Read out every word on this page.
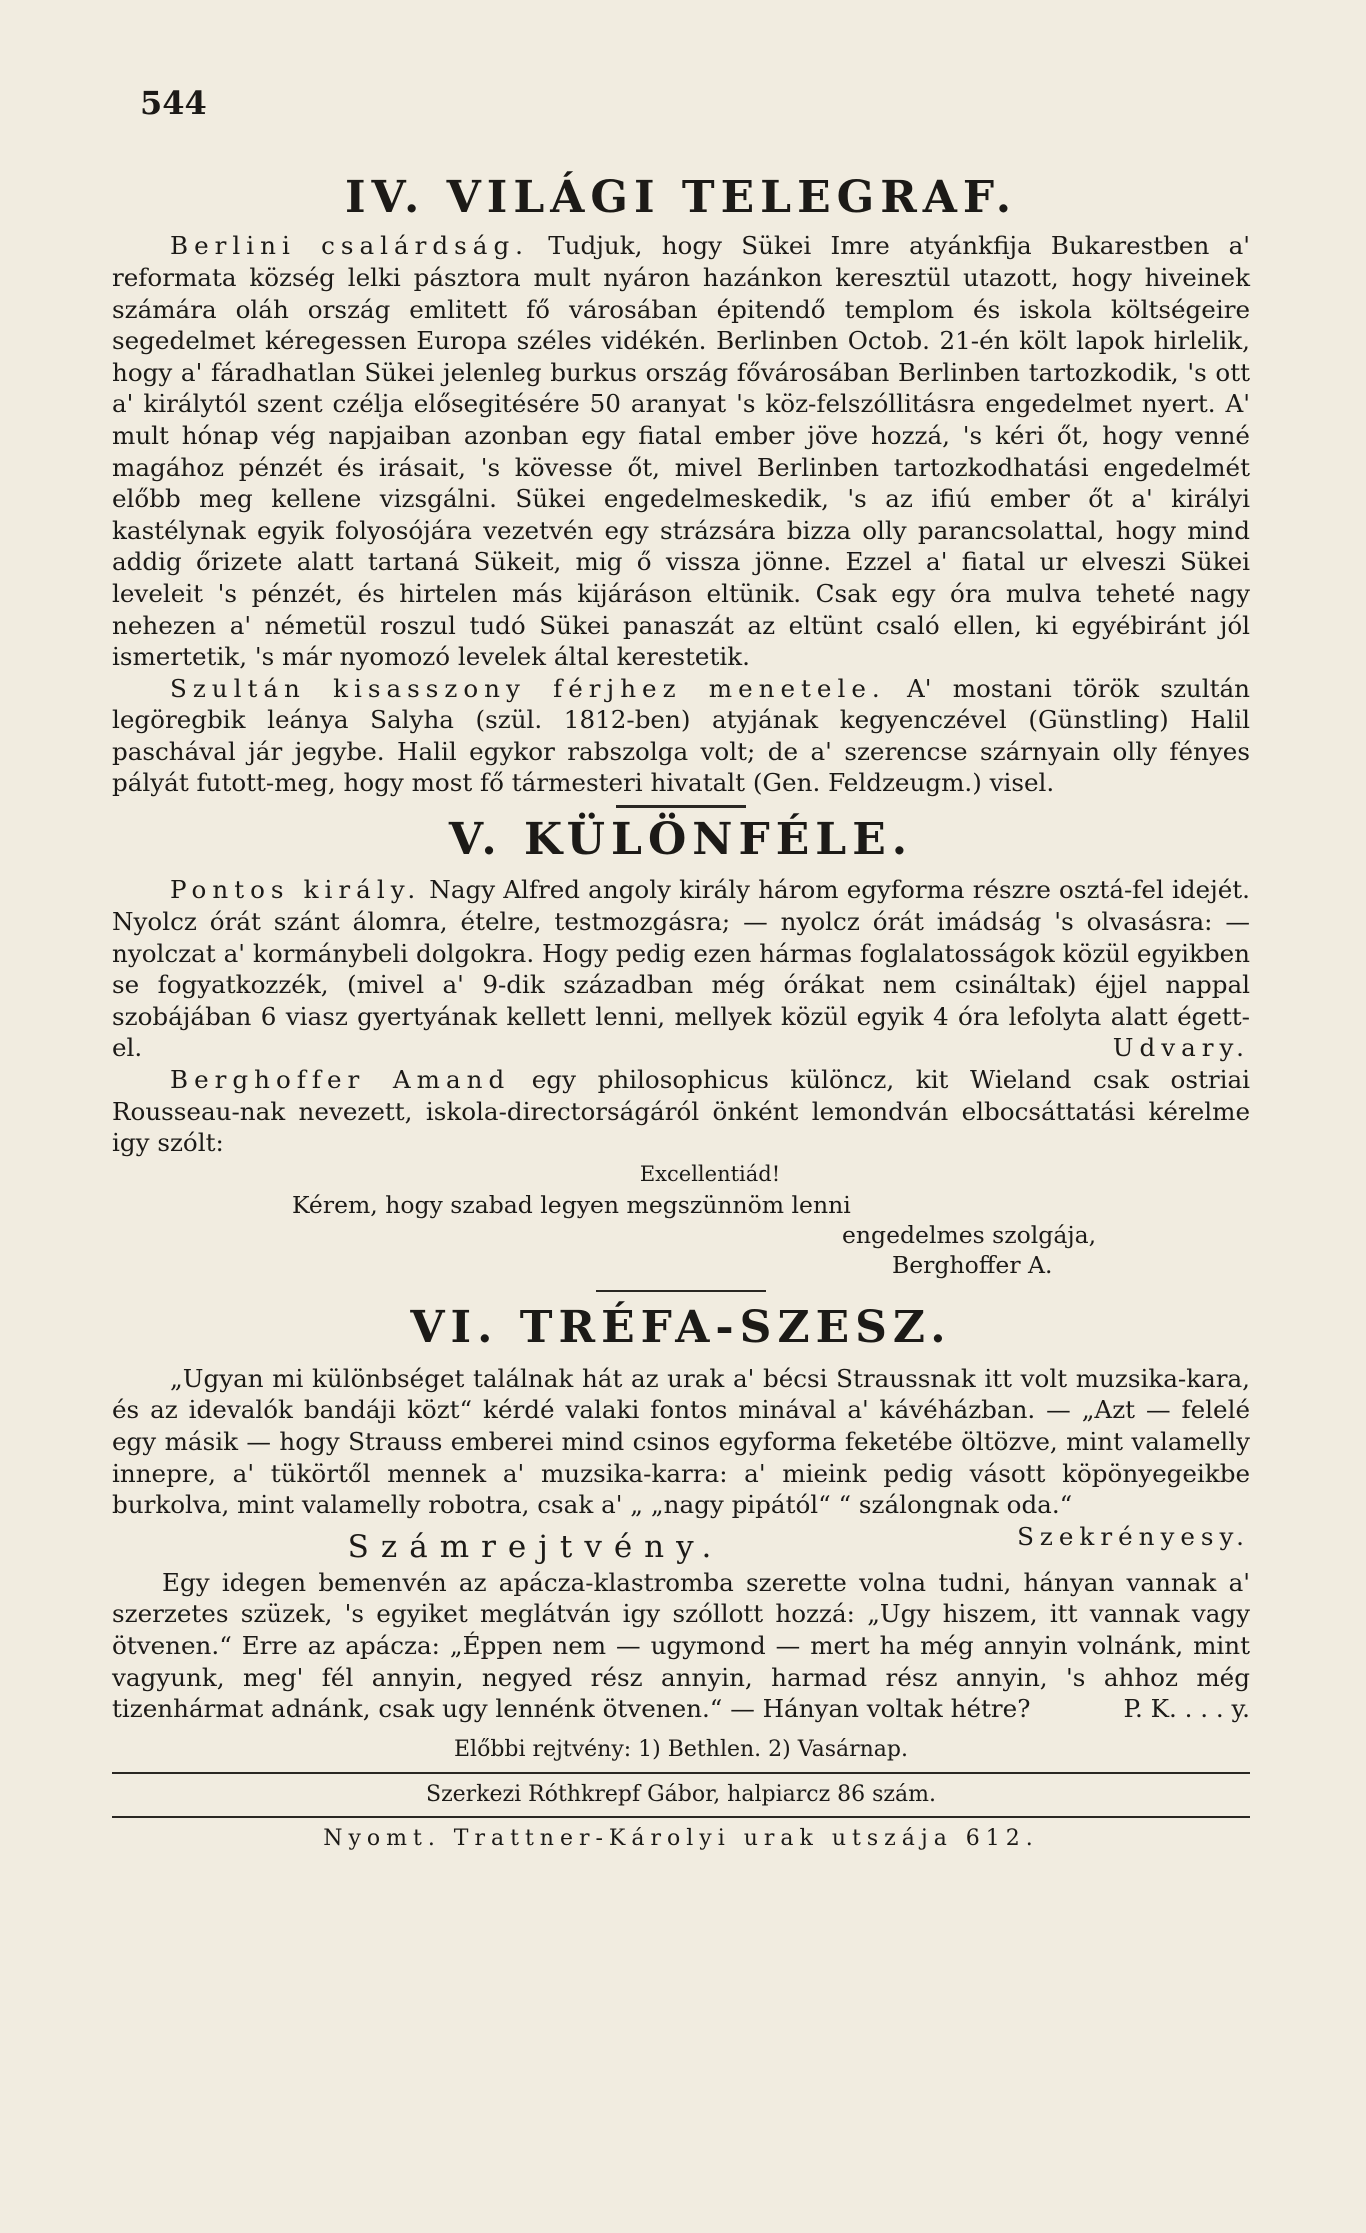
544
IV. VILÁGI TELEGRAF.

Berlini csalárdság. Tudjuk, hogy Sükei Imre atyánkfija Bukarestben a' reformata község lelki pásztora mult nyáron hazánkon keresztül utazott, hogy hiveinek számára oláh ország emlitett fő városában épitendő templom és iskola költségeire segedelmet kéregessen Europa széles vidékén. Berlinben Octob. 21-én költ lapok hirlelik, hogy a' fáradhatlan Sükei jelenleg burkus ország fővárosában Berlinben tartozkodik, 's ott a' királytól szent czélja elősegitésére 50 aranyat 's köz-felszóllitásra engedelmet nyert. A' mult hónap vég napjaiban azonban egy fiatal ember jöve hozzá, 's kéri őt, hogy venné magához pénzét és irásait, 's kövesse őt, mivel Berlinben tartozkodhatási engedelmét előbb meg kellene vizsgálni. Sükei engedelmeskedik, 's az ifiú ember őt a' királyi kastélynak egyik folyosójára vezetvén egy strázsára bizza olly parancsolattal, hogy mind addig őrizete alatt tartaná Sükeit, mig ő vissza jönne. Ezzel a' fiatal ur elveszi Sükei leveleit 's pénzét, és hirtelen más kijáráson eltünik. Csak egy óra mulva teheté nagy nehezen a' németül roszul tudó Sükei panaszát az eltünt csaló ellen, ki egyébiránt jól ismertetik, 's már nyomozó levelek által kerestetik.

Szultán kisasszony férjhez menetele. A' mostani török szultán legöregbik leánya Salyha (szül. 1812-ben) atyjának kegyenczével (Günstling) Halil paschával jár jegybe. Halil egykor rabszolga volt; de a' szerencse szárnyain olly fényes pályát futott-meg, hogy most fő tármesteri hivatalt (Gen. Feldzeugm.) visel.

V. KÜLÖNFÉLE.

Pontos király. Nagy Alfred angoly király három egyforma részre osztá-fel idejét. Nyolcz órát szánt álomra, ételre, testmozgásra; — nyolcz órát imádság 's olvasásra: — nyolczat a' kormánybeli dolgokra. Hogy pedig ezen hármas foglalatosságok közül egyikben se fogyatkozzék, (mivel a' 9-dik században még órákat nem csináltak) éjjel nappal szobájában 6 viasz gyertyának kellett lenni, mellyek közül egyik 4 óra lefolyta alatt égett-el.	Udvary.

Berghoffer Amand egy philosophicus különcz, kit Wieland csak ostriai Rousseau-nak nevezett, iskola-directorságáról önként lemondván elbocsáttatási kérelme igy szólt:

Excellentiád!

Kérem, hogy szabad legyen megszünnöm lenni
engedelmes szolgája,
Berghoffer A.
VI. TRÉFA-SZESZ.

„Ugyan mi különbséget találnak hát az urak a' bécsi Straussnak itt volt muzsika-kara, és az idevalók bandáji közt“ kérdé valaki fontos minával a' kávéházban. — „Azt — felelé egy másik — hogy Strauss emberei mind csinos egyforma feketébe öltözve, mint valamelly innepre, a' tükörtől mennek a' muzsika-karra: a' mieink pedig vásott köpönyegeikbe burkolva, mint valamelly robotra, csak a' „ „nagy pipától“ “ szálongnak oda.“
Szekrényesy.

Számrejtvény.

Egy idegen bemenvén az apácza-klastromba szerette volna tudni, hányan vannak a' szerzetes szüzek, 's egyiket meglátván igy szóllott hozzá: „Ugy hiszem, itt vannak vagy ötvenen.“ Erre az apácza: „Éppen nem — ugymond — mert ha még annyin volnánk, mint vagyunk, meg' fél annyin, negyed rész annyin, harmad rész annyin, 's ahhoz még tizenhármat adnánk, csak ugy lennénk ötvenen.“ — Hányan voltak hétre?	P. K. . . . y.

Előbbi rejtvény: 1) Bethlen. 2) Vasárnap.
Szerkezi Róthkrepf Gábor, halpiarcz 86 szám.
Nyomt. Trattner-Károlyi urak utszája 612.
